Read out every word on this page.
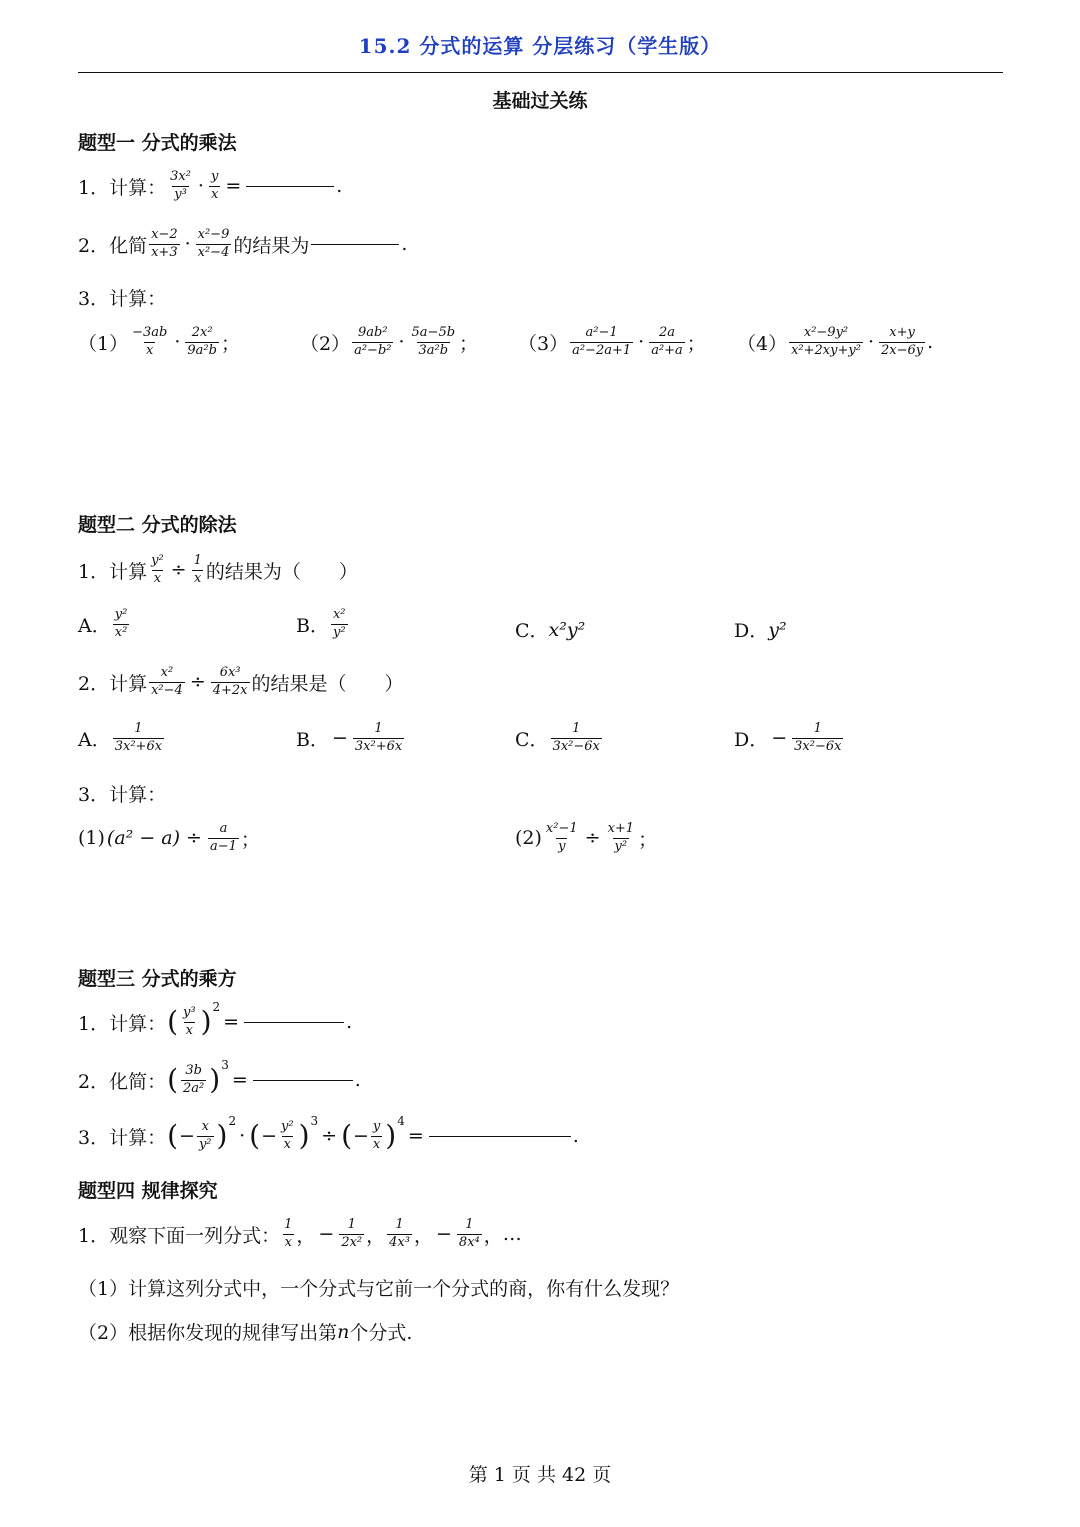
15.2 分式的运算 分层练习（学生版）
基础过关练
题型一 分式的乘法
1．计算： $\frac{\text{3x²}}{\text{y³}} \cdot \frac{y}{x}$ =	.
2．化简 $\frac{x-2}{x+3} \cdot \frac{\text{x²−9}}{\text{x²−4}}$ 的结果为	.
3．计算：
$(1) \frac{-3ab}{x} \cdot \frac{\text{2x²}}{\text{9a²b}}$ ；	$(2) \frac{\text{9ab²}}{\text{a²−b²}} \cdot \frac{5a-5b}{\text{3a²b}}$ ； $(3) \frac{\text{a²−1}}{\text{a²−2a+1}} \cdot \frac{2a}{\text{a²+a}}$ ； $(4) \frac{\text{x²−9y²}}{\text{x²+2xy+y²}} \cdot \frac{x+y}{2x-6y}$ .
题型二 分式的除法
1．计算 $\frac{\text{y²}}{x} \div \frac{1}{x}$ 的结果为（　　）
A． $\frac{\text{y²}}{\text{x²}}$	B． $\frac{\text{x²}}{\text{y²}}$	C． x²y²	D． y²
2．计算 $\frac{\text{x²}}{\text{x²−4}} \div \frac{\text{6x³}}{4+2x}$ 的结果是（　　）
A． $\frac{1}{\text{3x²+6x}}$	B． − $\frac{1}{\text{3x²+6x}}$	C． $\frac{1}{\text{3x²−6x}}$	D． − $\frac{1}{\text{3x²−6x}}$
3．计算：
(1) $(a^2 - a) \div \frac{a}{a-1}$ ；	$(2) \frac{\text{x²−1}}{y} \div \frac{x+1}{\text{y²}}$ ；
题型三 分式的乘方
1．计算： ( $\frac{\text{y³}}{x}$ ) 2
=	.
2．化简： ( $\frac{3b}{\text{2a²}}$ ) 3
=	.
3．计算： ( − $\frac{x}{\text{y²}}$ ) 2
· ( − $\frac{\text{y²}}{x}$ ) 3
÷ ( − $\frac{y}{x}$ ) 4
=	.
题型四 规律探究
1．观察下面一列分式： $\frac{1}{x}$ ， − $\frac{1}{\text{2x²}}$ ， $\frac{1}{\text{4x³}}$ ， − $\frac{1}{\text{8x⁴}}$ ， …
（1）计算这列分式中，一个分式与它前一个分式的商，你有什么发现？
（2）根据你发现的规律写出第 n 个分式.
第 1 页 共 42 页
